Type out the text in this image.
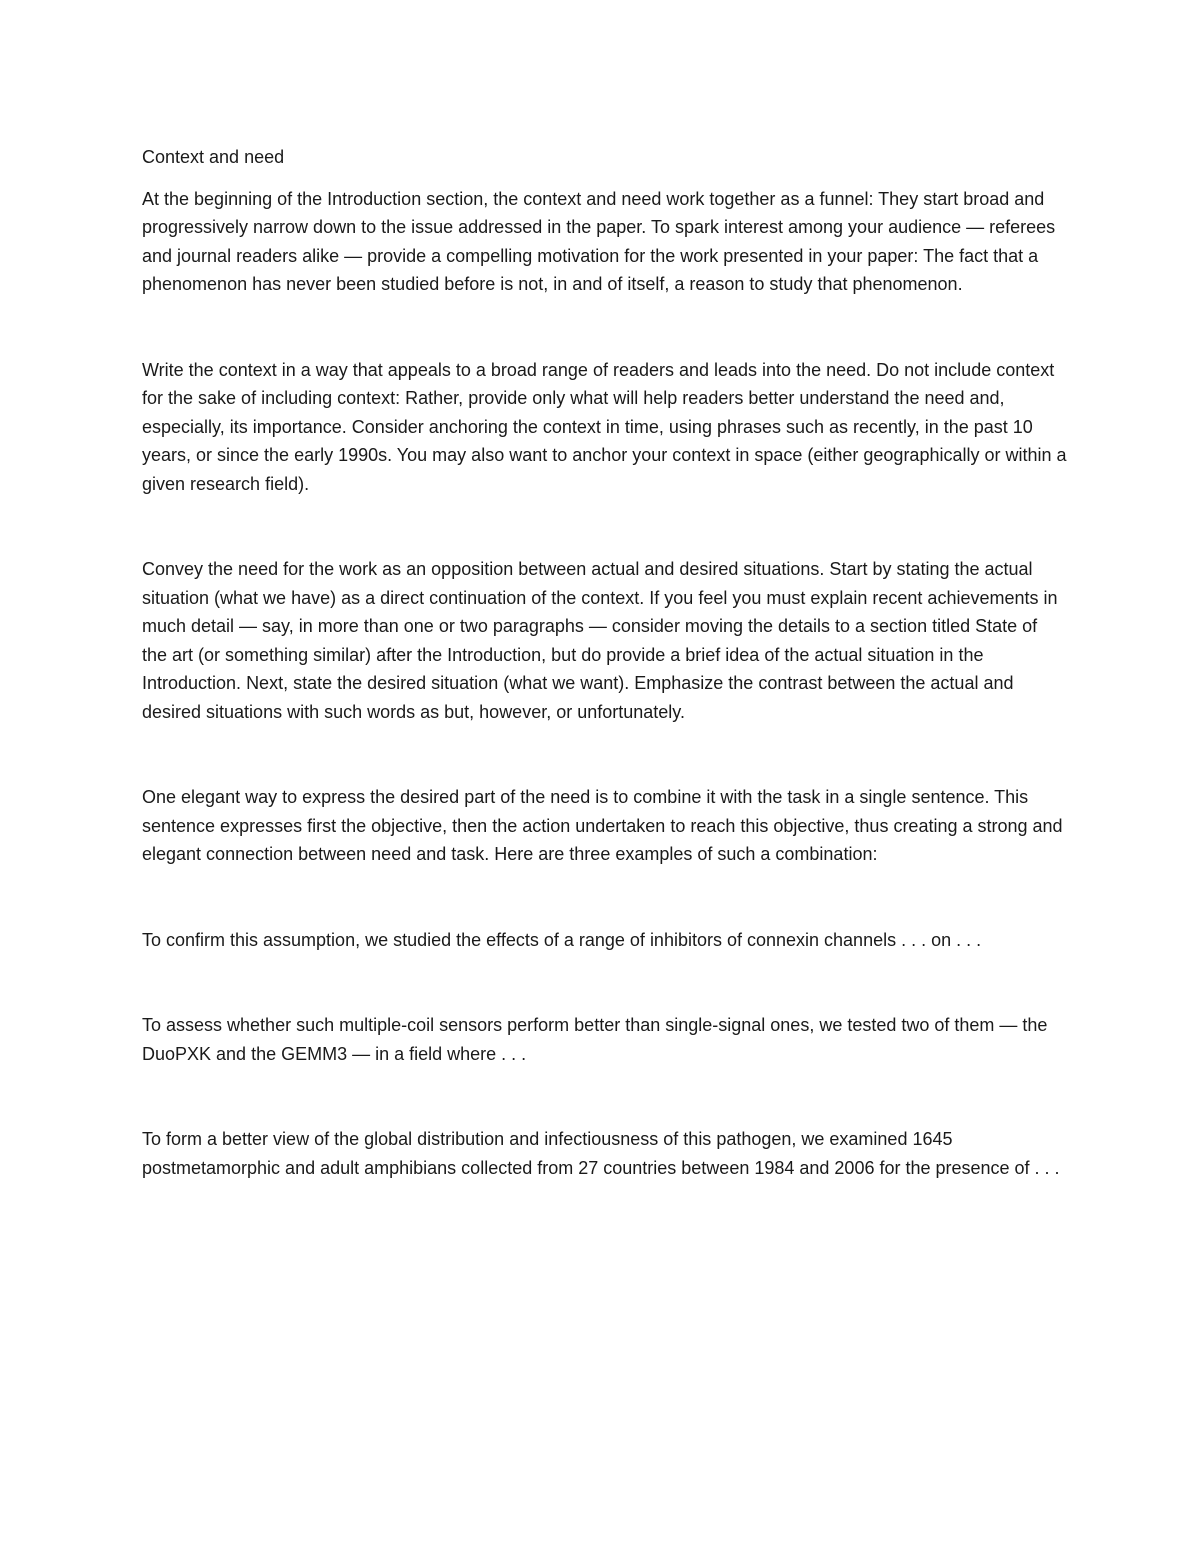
Context and need

At the beginning of the Introduction section, the context and need work together as a funnel: They start broad and progressively narrow down to the issue addressed in the paper. To spark interest among your audience — referees and journal readers alike — provide a compelling motivation for the work presented in your paper: The fact that a phenomenon has never been studied before is not, in and of itself, a reason to study that phenomenon.

Write the context in a way that appeals to a broad range of readers and leads into the need. Do not include context for the sake of including context: Rather, provide only what will help readers better understand the need and, especially, its importance. Consider anchoring the context in time, using phrases such as recently, in the past 10 years, or since the early 1990s. You may also want to anchor your context in space (either geographically or within a given research field).

Convey the need for the work as an opposition between actual and desired situations. Start by stating the actual situation (what we have) as a direct continuation of the context. If you feel you must explain recent achievements in much detail — say, in more than one or two paragraphs — consider moving the details to a section titled State of the art (or something similar) after the Introduction, but do provide a brief idea of the actual situation in the Introduction. Next, state the desired situation (what we want). Emphasize the contrast between the actual and desired situations with such words as but, however, or unfortunately.

One elegant way to express the desired part of the need is to combine it with the task in a single sentence. This sentence expresses first the objective, then the action undertaken to reach this objective, thus creating a strong and elegant connection between need and task. Here are three examples of such a combination:

To confirm this assumption, we studied the effects of a range of inhibitors of connexin channels . . . on . . .

To assess whether such multiple-coil sensors perform better than single-signal ones, we tested two of them — the DuoPXK and the GEMM3 — in a field where . . .

To form a better view of the global distribution and infectiousness of this pathogen, we examined 1645 postmetamorphic and adult amphibians collected from 27 countries between 1984 and 2006 for the presence of . . .
